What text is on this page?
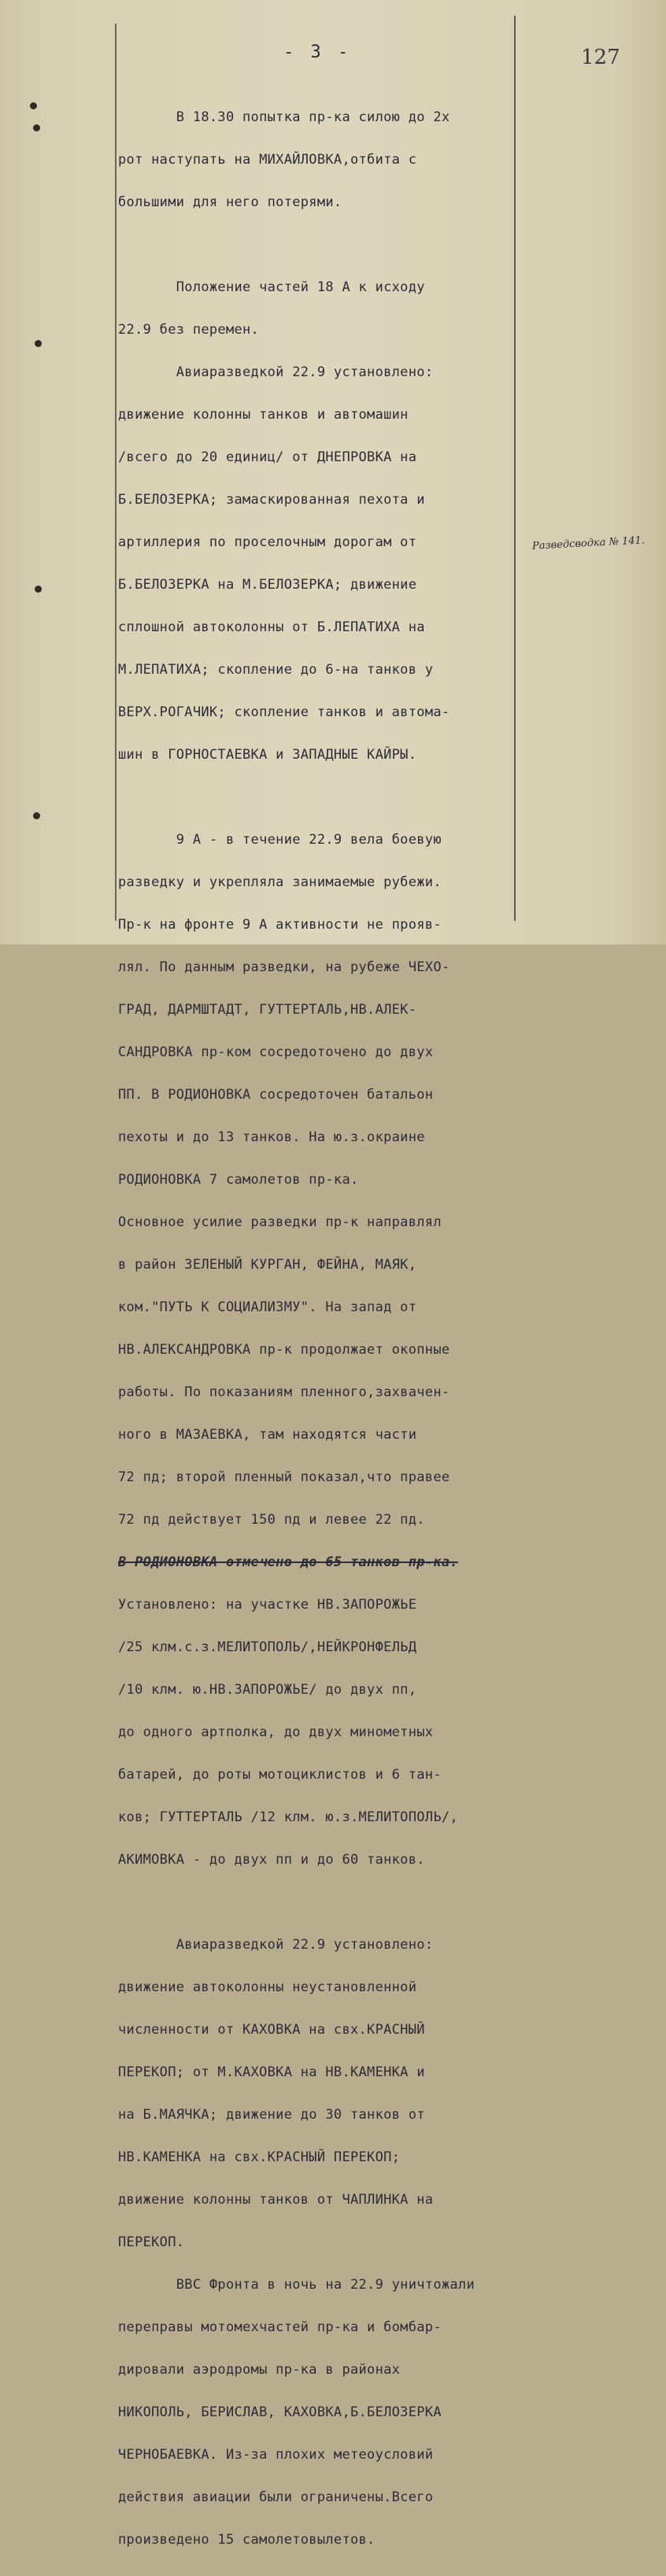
- 3 -	127

В 18.30 попытка пр-ка силою до 2х

рот наступать на МИХАЙЛОВКА,отбита с

большими для него потерями.

Положение частей 18 А к исходу

22.9 без перемен.

Авиаразведкой 22.9 установлено:

движение колонны танков и автомашин

/всего до 20 единиц/ от ДНЕПРОВКА на

Б.БЕЛОЗЕРКА; замаскированная пехота и

артиллерия по проселочным дорогам от

Б.БЕЛОЗЕРКА на М.БЕЛОЗЕРКА; движение

сплошной автоколонны от Б.ЛЕПАТИХА на

М.ЛЕПАТИХА; скопление до 6-на танков у

ВЕРХ.РОГАЧИК; скопление танков и автома-

шин в ГОРНОСТАЕВКА и ЗАПАДНЫЕ КАЙРЫ.

9 А - в течение 22.9 вела боевую

разведку и укрепляла занимаемые рубежи.

Пр-к на фронте 9 А активности не прояв-

лял. По данным разведки, на рубеже ЧЕХО-

ГРАД, ДАРМШТАДТ, ГУТТЕРТАЛЬ,НВ.АЛЕК-

САНДРОВКА пр-ком сосредоточено до двух

ПП. В РОДИОНОВКА сосредоточен батальон

пехоты и до 13 танков. На ю.з.окраине

РОДИОНОВКА 7 самолетов пр-ка.

Основное усилие разведки пр-к направлял

в район ЗЕЛЕНЫЙ КУРГАН, ФЕЙНА, МАЯК,

ком."ПУТЬ К СОЦИАЛИЗМУ". На запад от

НВ.АЛЕКСАНДРОВКА пр-к продолжает окопные

работы. По показаниям пленного,захвачен-

ного в МАЗАЕВКА, там находятся части

72 пд; второй пленный показал,что правее

72 пд действует 150 пд и левее 22 пд.

В РОДИОНОВКА отмечено до 65 танков пр-ка.

Установлено: на участке НВ.ЗАПОРОЖЬЕ

/25 клм.с.з.МЕЛИТОПОЛЬ/,НЕЙКРОНФЕЛЬД

/10 клм. ю.НВ.ЗАПОРОЖЬЕ/ до двух пп,

до одного артполка, до двух минометных

батарей, до роты мотоциклистов и 6 тан-

ков; ГУТТЕРТАЛЬ /12 клм. ю.з.МЕЛИТОПОЛЬ/,

АКИМОВКА - до двух пп и до 60 танков.

Авиаразведкой 22.9 установлено:

движение автоколонны неустановленной

численности от КАХОВКА на свх.КРАСНЫЙ

ПЕРЕКОП; от М.КАХОВКА на НВ.КАМЕНКА и

на Б.МАЯЧКА; движение до 30 танков от

НВ.КАМЕНКА на свх.КРАСНЫЙ ПЕРЕКОП;

движение колонны танков от ЧАПЛИНКА на

ПЕРЕКОП.

ВВС Фронта в ночь на 22.9 уничтожали

переправы мотомехчастей пр-ка и бомбар-

дировали аэродромы пр-ка в районах

НИКОПОЛЬ, БЕРИСЛАВ, КАХОВКА,Б.БЕЛОЗЕРКА

ЧЕРНОБАЕВКА. Из-за плохих метеоусловий

действия авиации были ограничены.Всего

произведено 15 самолетовылетов.

Разведсводка № 141.
